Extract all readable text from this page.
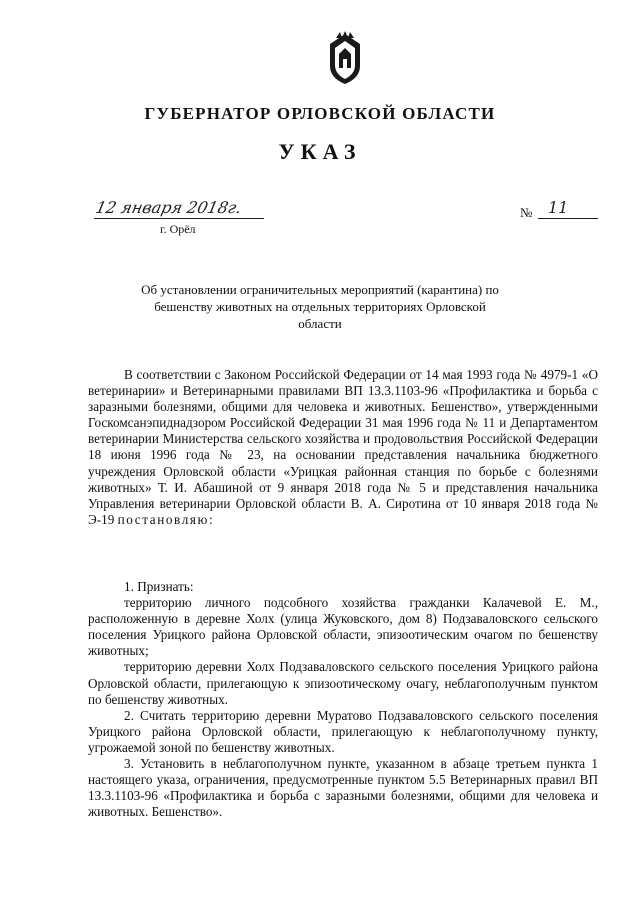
ГУБЕРНАТОР ОРЛОВСКОЙ ОБЛАСТИ
УКАЗ
12 января 2018г.
г. Орёл
№ 11
Об установлении ограничительных мероприятий (карантина) по бешенству животных на отдельных территориях Орловской области

В соответствии с Законом Российской Федерации от 14 мая 1993 года № 4979-1 «О ветеринарии» и Ветеринарными правилами ВП 13.3.1103-96 «Профилактика и борьба с заразными болезнями, общими для человека и животных. Бешенство», утвержденными Госкомсанэпиднадзором Российской Федерации 31 мая 1996 года № 11 и Департаментом ветеринарии Министерства сельского хозяйства и продовольствия Российской Федерации 18 июня 1996 года № 23, на основании представления начальника бюджетного учреждения Орловской области «Урицкая районная станция по борьбе с болезнями животных» Т. И. Абашиной от 9 января 2018 года № 5 и представления начальника Управления ветеринарии Орловской области В. А. Сиротина от 10 января 2018 года № Э-19 постановляю:

1. Признать:

территорию личного подсобного хозяйства гражданки Калачевой Е. М., расположенную в деревне Холх (улица Жуковского, дом 8) Подзаваловского сельского поселения Урицкого района Орловской области, эпизоотическим очагом по бешенству животных;

территорию деревни Холх Подзаваловского сельского поселения Урицкого района Орловской области, прилегающую к эпизоотическому очагу, неблагополучным пунктом по бешенству животных.

2. Считать территорию деревни Муратово Подзаваловского сельского поселения Урицкого района Орловской области, прилегающую к неблагополучному пункту, угрожаемой зоной по бешенству животных.

3. Установить в неблагополучном пункте, указанном в абзаце третьем пункта 1 настоящего указа, ограничения, предусмотренные пунктом 5.5 Ветеринарных правил ВП 13.3.1103-96 «Профилактика и борьба с заразными болезнями, общими для человека и животных. Бешенство».
